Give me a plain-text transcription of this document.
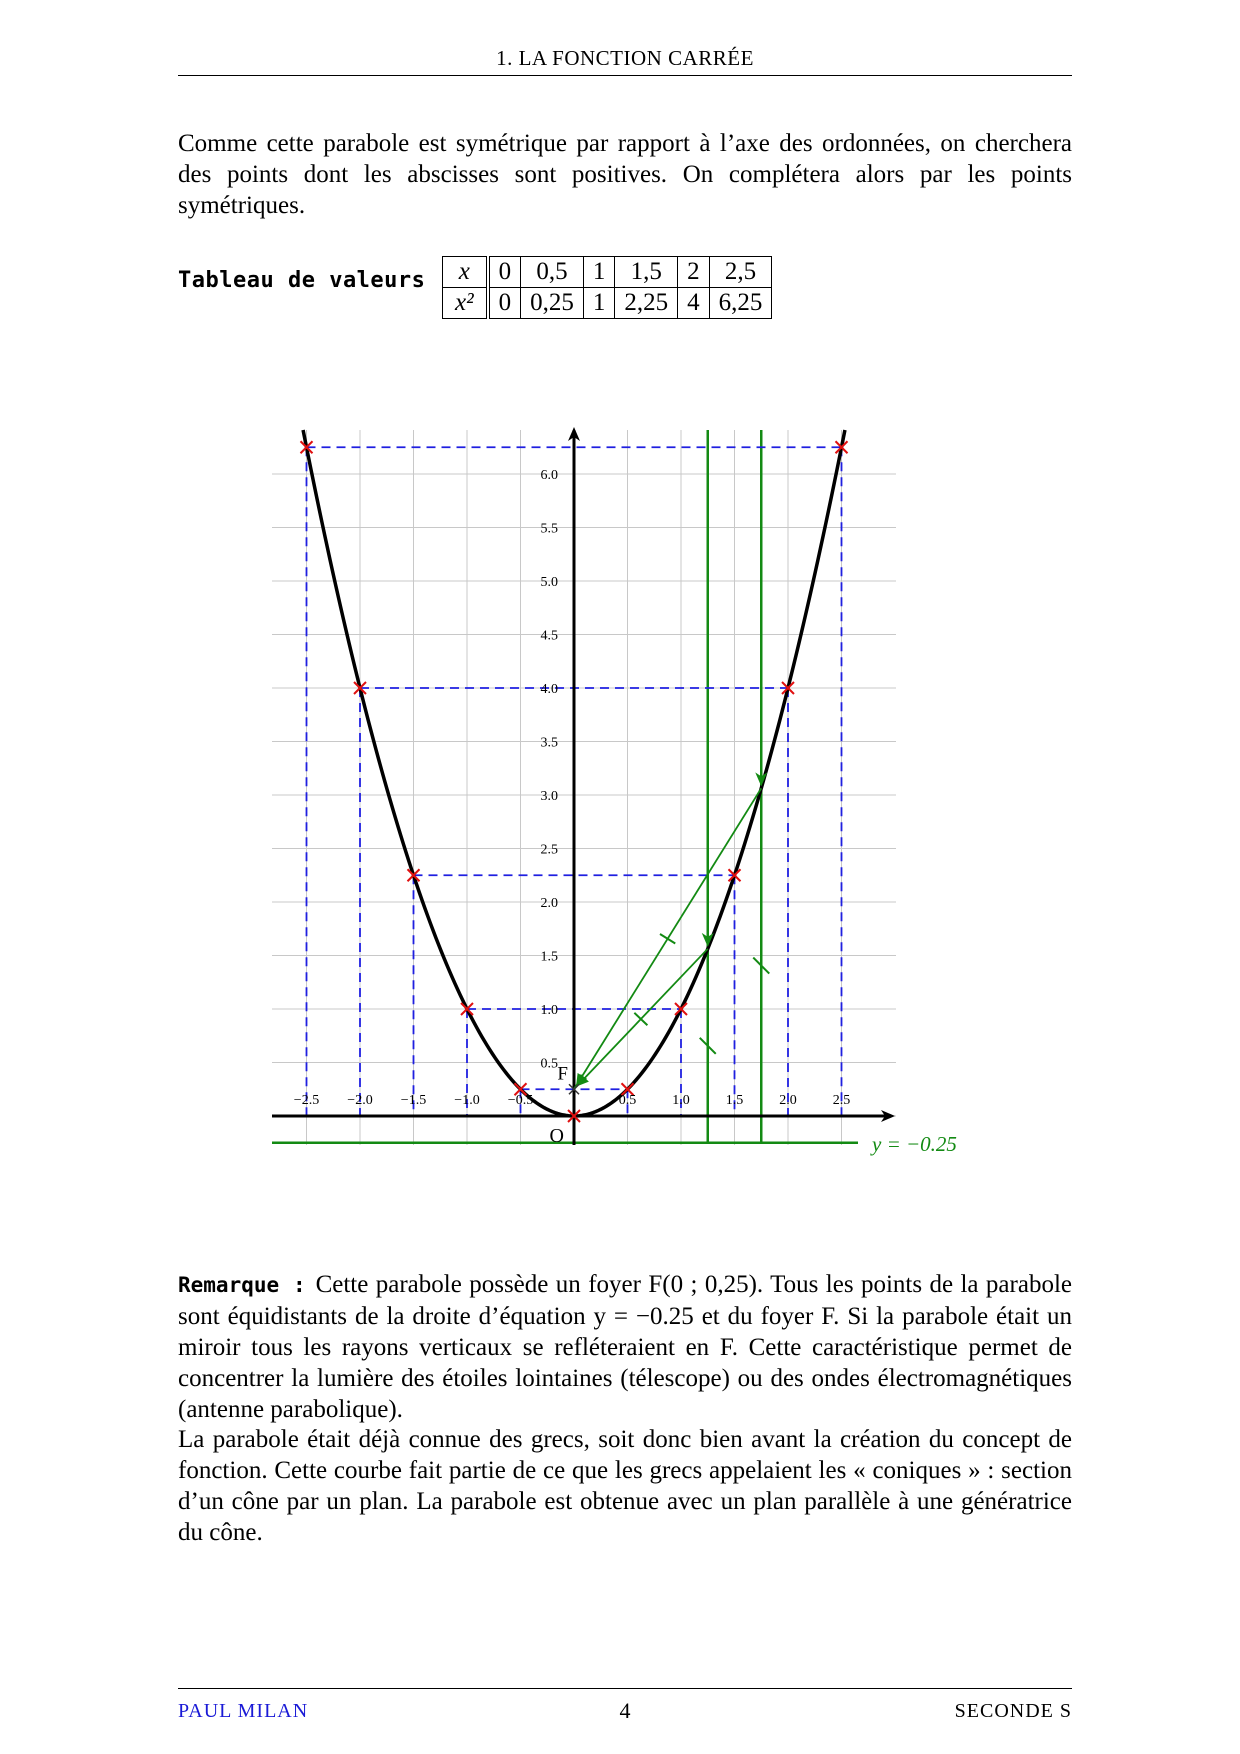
1. LA FONCTION CARRÉE
Comme cette parabole est symétrique par rapport à l’axe des ordonnées, on cherchera des points dont les abscisses sont positives. On complétera alors par les points symétriques.
Tableau de valeurs x	0	0,5	1	1,5	2	2,5
x²	0	0,25	1	2,25	4	6,25
−2.5 −2.0 −1.5 −1.0 −0.5	0.5	1.0	1.5	2.0	2.5
0.5
1.0
1.5
2.0
2.5
3.0
3.5
4.0
4.5
5.0
5.5
6.0
O
F
y = −0.25
Remarque : Cette parabole possède un foyer F(0 ; 0,25). Tous les points de la parabole sont équidistants de la droite d’équation y = −0.25 et du foyer F. Si la parabole était un miroir tous les rayons verticaux se refléteraient en F. Cette caractéristique permet de concentrer la lumière des étoiles lointaines (télescope) ou des ondes électromagnétiques (antenne parabolique).
La parabole était déjà connue des grecs, soit donc bien avant la création du concept de fonction. Cette courbe fait partie de ce que les grecs appelaient les « coniques » : section d’un cône par un plan. La parabole est obtenue avec un plan parallèle à une génératrice du cône.
PAUL MILAN	4	SECONDE S
